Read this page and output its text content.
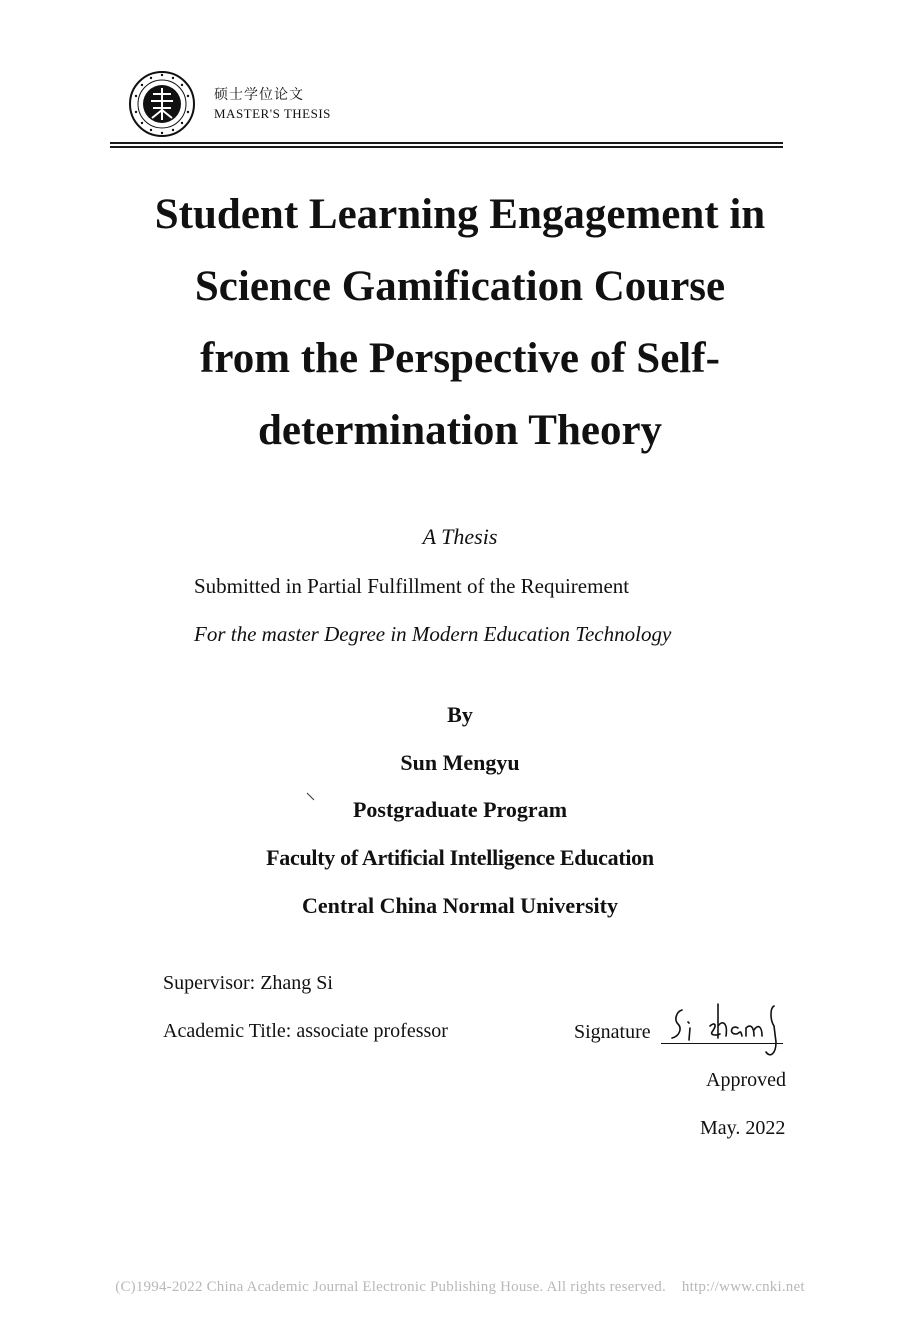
硕士学位论文
MASTER'S THESIS
Student Learning Engagement in
Science Gamification Course
from the Perspective of Self-
determination Theory
A Thesis
Submitted in Partial Fulfillment of the Requirement
For the master Degree in Modern Education Technology
By
Sun Mengyu
Postgraduate Program
Faculty of Artificial Intelligence Education
Central China Normal University
Supervisor: Zhang Si
Academic Title: associate professor	Signature
Approved
May. 2022
(C)1994-2022 China Academic Journal Electronic Publishing House. All rights reserved. http://www.cnki.net
